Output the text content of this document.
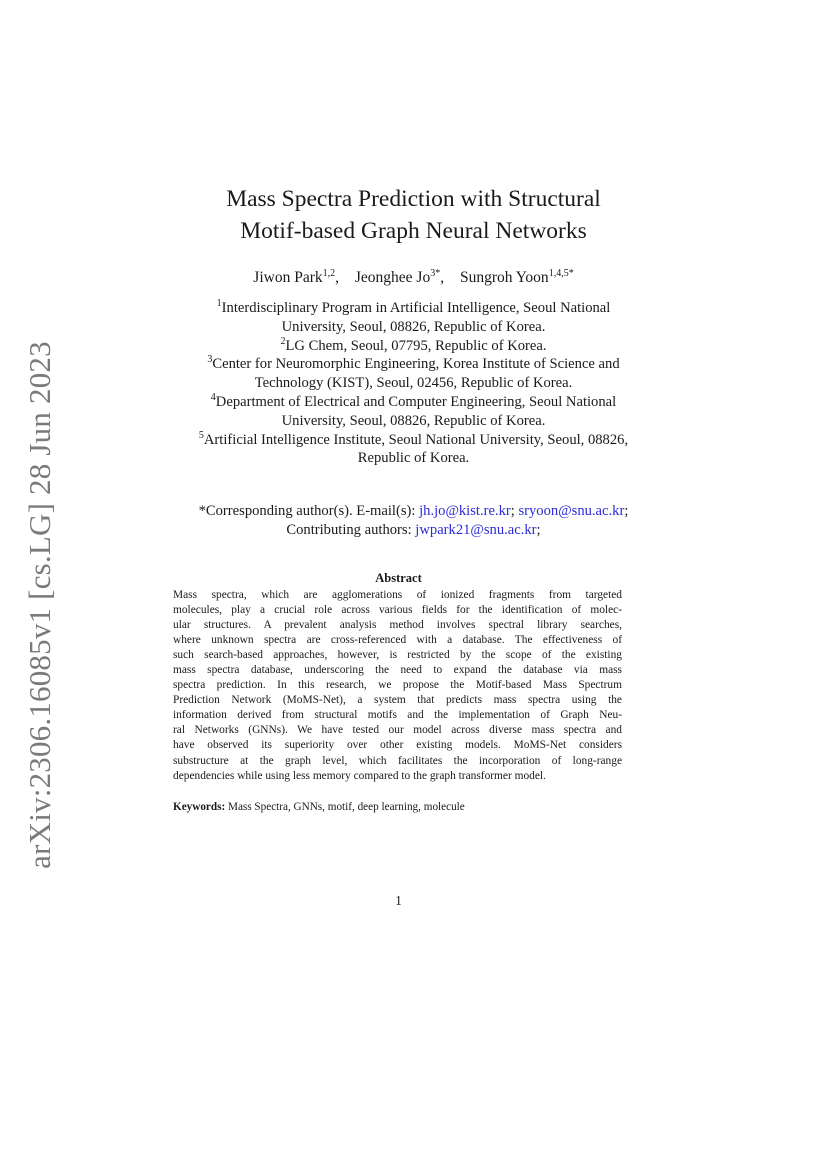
arXiv:2306.16085v1 [cs.LG] 28 Jun 2023
Mass Spectra Prediction with Structural
Motif-based Graph Neural Networks
Jiwon Park$^{1,2}$, Jeonghee $Jo^{3*}$, Sungroh Yoon$^{1,4,5*}$
$^1$Interdisciplinary Program in Artificial Intelligence, Seoul National
University, Seoul, 08826, Republic of Korea.
$^2$LG Chem, Seoul, 07795, Republic of Korea.
$^3$Center for Neuromorphic Engineering, Korea Institute of Science and
Technology (KIST), Seoul, 02456, Republic of Korea.
$^4$Department of Electrical and Computer Engineering, Seoul National
University, Seoul, 08826, Republic of Korea.
$^5$Artificial Intelligence Institute, Seoul National University, Seoul, 08826,
Republic of Korea.
*Corresponding author(s). E-mail(s): jh.jo@kist.re.kr; sryoon@snu.ac.kr;
Contributing authors: jwpark21@snu.ac.kr;
Abstract
Mass spectra, which are agglomerations of ionized fragments from targeted
molecules, play a crucial role across various fields for the identification of molec-
ular structures. A prevalent analysis method involves spectral library searches,
where unknown spectra are cross-referenced with a database. The effectiveness of
such search-based approaches, however, is restricted by the scope of the existing
mass spectra database, underscoring the need to expand the database via mass
spectra prediction. In this research, we propose the Motif-based Mass Spectrum
Prediction Network (MoMS-Net), a system that predicts mass spectra using the
information derived from structural motifs and the implementation of Graph Neu-
ral Networks (GNNs). We have tested our model across diverse mass spectra and
have observed its superiority over other existing models. MoMS-Net considers
substructure at the graph level, which facilitates the incorporation of long-range
dependencies while using less memory compared to the graph transformer model.
Keywords: Mass Spectra, GNNs, motif, deep learning, molecule
1
